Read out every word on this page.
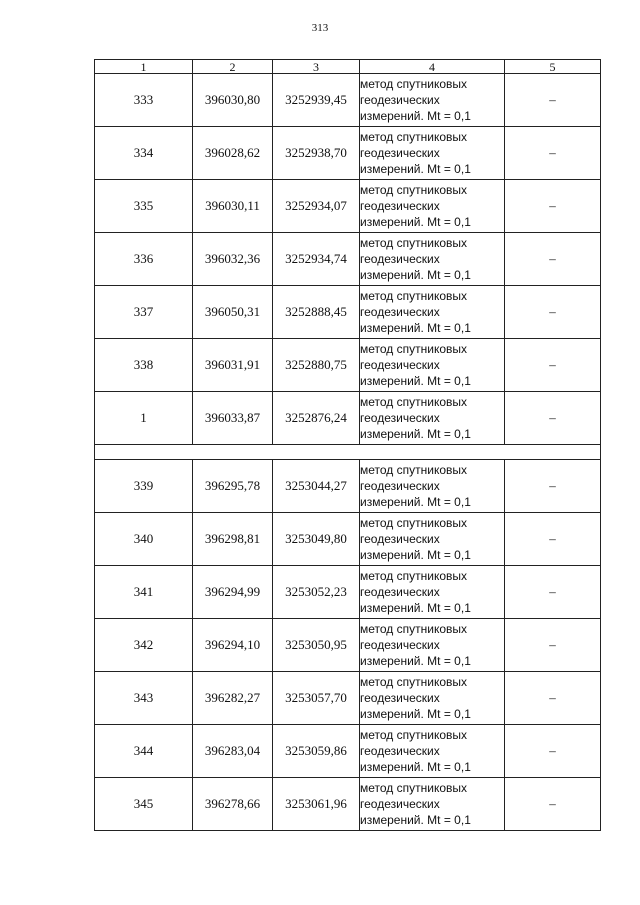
313
1	2	3	4	5
333	396030,80	3252939,45	метод спутниковых
геодезических
измерений. Mt = 0,1	–
334	396028,62	3252938,70	метод спутниковых
геодезических
измерений. Mt = 0,1	–
335	396030,11	3252934,07	метод спутниковых
геодезических
измерений. Mt = 0,1	–
336	396032,36	3252934,74	метод спутниковых
геодезических
измерений. Mt = 0,1	–
337	396050,31	3252888,45	метод спутниковых
геодезических
измерений. Mt = 0,1	–
338	396031,91	3252880,75	метод спутниковых
геодезических
измерений. Mt = 0,1	–
1	396033,87	3252876,24	метод спутниковых
геодезических
измерений. Mt = 0,1	–

339	396295,78	3253044,27	метод спутниковых
геодезических
измерений. Mt = 0,1	–
340	396298,81	3253049,80	метод спутниковых
геодезических
измерений. Mt = 0,1	–
341	396294,99	3253052,23	метод спутниковых
геодезических
измерений. Mt = 0,1	–
342	396294,10	3253050,95	метод спутниковых
геодезических
измерений. Mt = 0,1	–
343	396282,27	3253057,70	метод спутниковых
геодезических
измерений. Mt = 0,1	–
344	396283,04	3253059,86	метод спутниковых
геодезических
измерений. Mt = 0,1	–
345	396278,66	3253061,96	метод спутниковых
геодезических
измерений. Mt = 0,1	–
